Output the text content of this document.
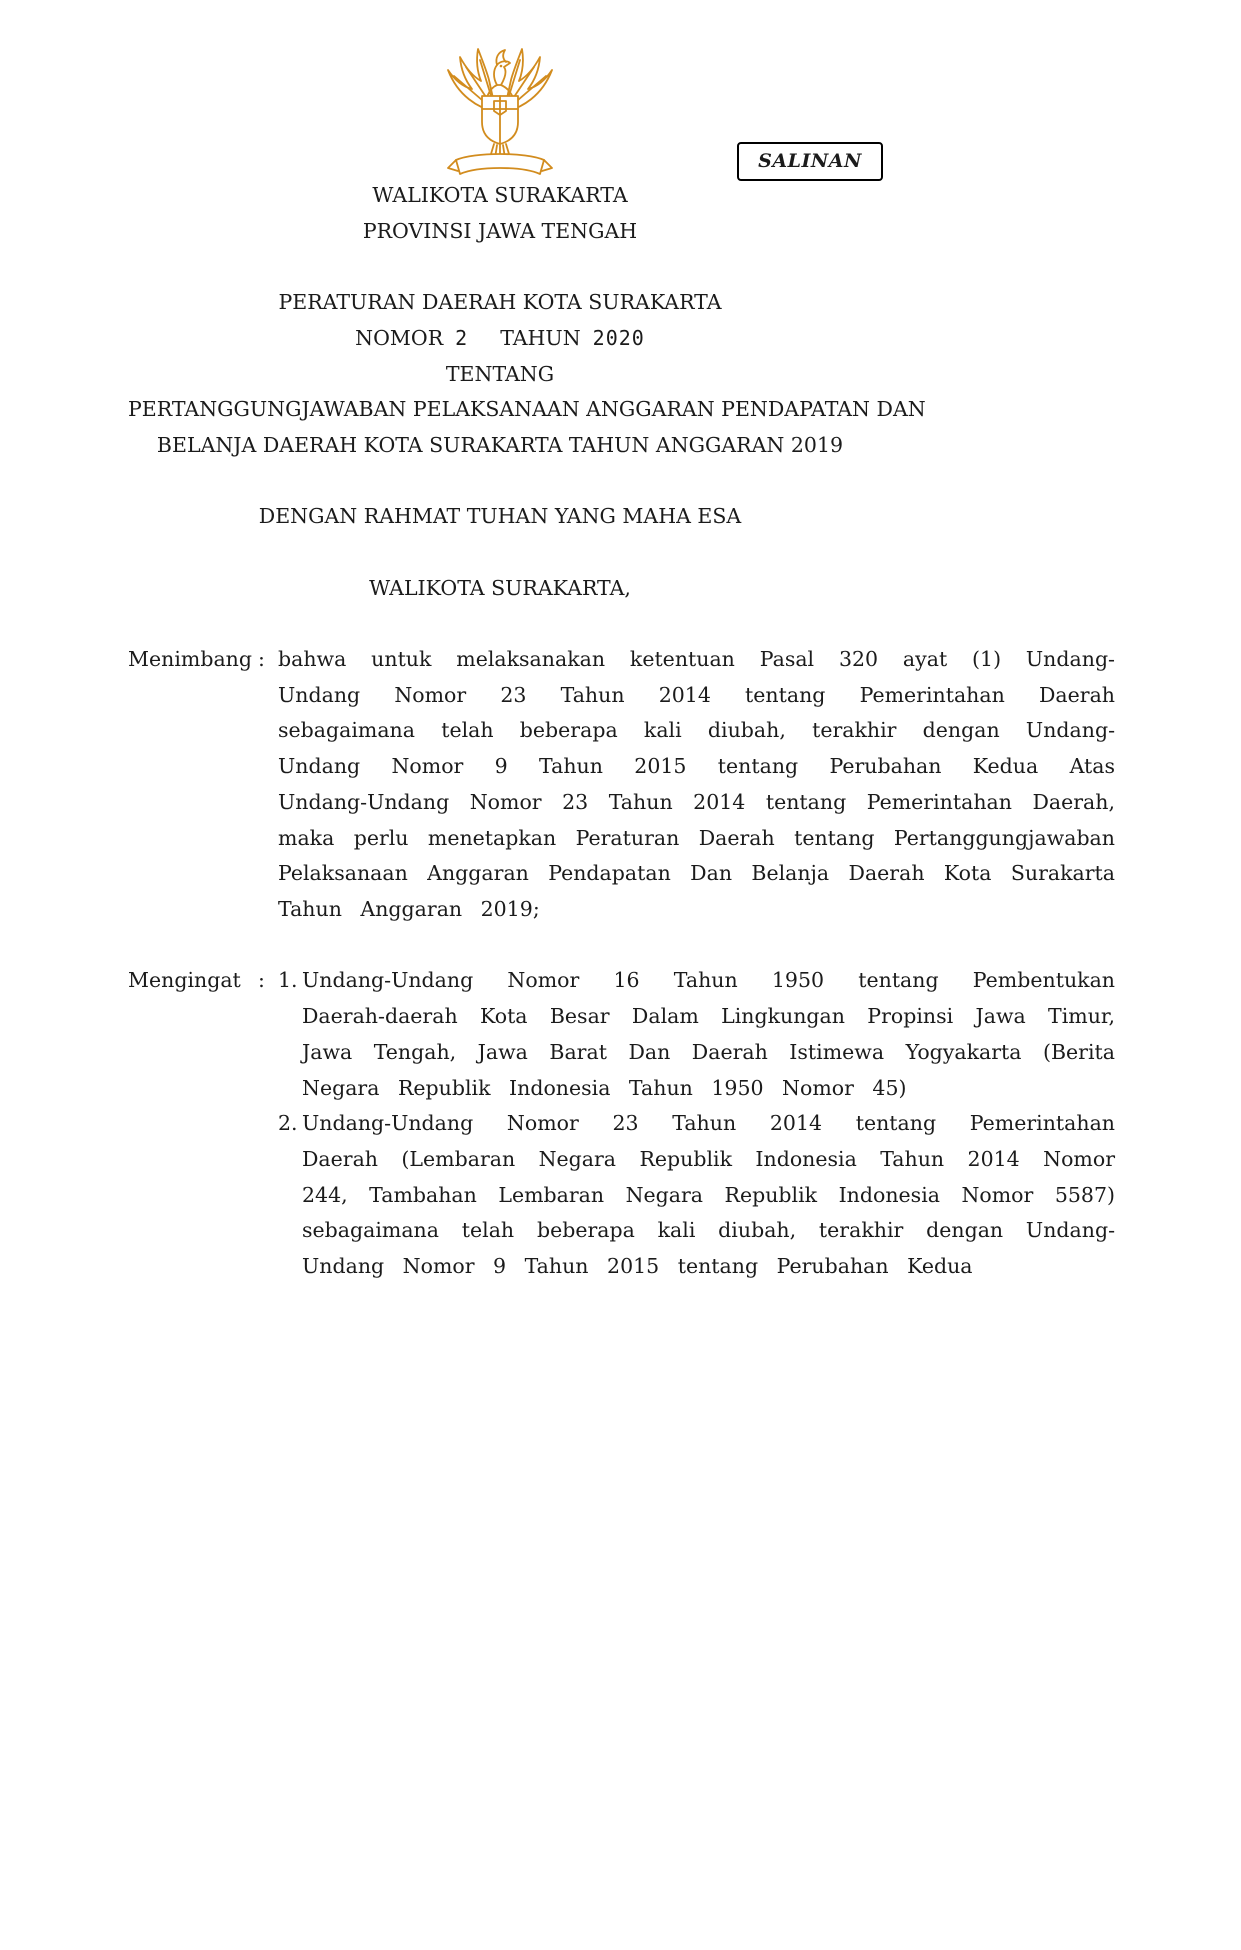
SALINAN
WALIKOTA SURAKARTA
PROVINSI JAWA TENGAH
PERATURAN DAERAH KOTA SURAKARTA
NOMOR 2 TAHUN 2020
TENTANG
PERTANGGUNGJAWABAN PELAKSANAAN ANGGARAN PENDAPATAN DAN
BELANJA DAERAH KOTA SURAKARTA TAHUN ANGGARAN 2019
DENGAN RAHMAT TUHAN YANG MAHA ESA
WALIKOTA SURAKARTA,
Menimbang : bahwa untuk melaksanakan ketentuan Pasal 320 ayat (1) Undang-Undang Nomor 23 Tahun 2014 tentang Pemerintahan Daerah sebagaimana telah beberapa kali diubah, terakhir dengan Undang-Undang Nomor 9 Tahun 2015 tentang Perubahan Kedua Atas Undang-Undang Nomor 23 Tahun 2014 tentang Pemerintahan Daerah, maka perlu menetapkan Peraturan Daerah tentang Pertanggungjawaban Pelaksanaan Anggaran Pendapatan Dan Belanja Daerah Kota Surakarta Tahun Anggaran 2019;
Mengingat : 1. Undang-Undang Nomor 16 Tahun 1950 tentang Pembentukan Daerah-daerah Kota Besar Dalam Lingkungan Propinsi Jawa Timur, Jawa Tengah, Jawa Barat Dan Daerah Istimewa Yogyakarta (Berita Negara Republik Indonesia Tahun 1950 Nomor 45)
2. Undang-Undang Nomor 23 Tahun 2014 tentang Pemerintahan Daerah (Lembaran Negara Republik Indonesia Tahun 2014 Nomor 244, Tambahan Lembaran Negara Republik Indonesia Nomor 5587) sebagaimana telah beberapa kali diubah, terakhir dengan Undang-Undang Nomor 9 Tahun 2015 tentang Perubahan Kedua
